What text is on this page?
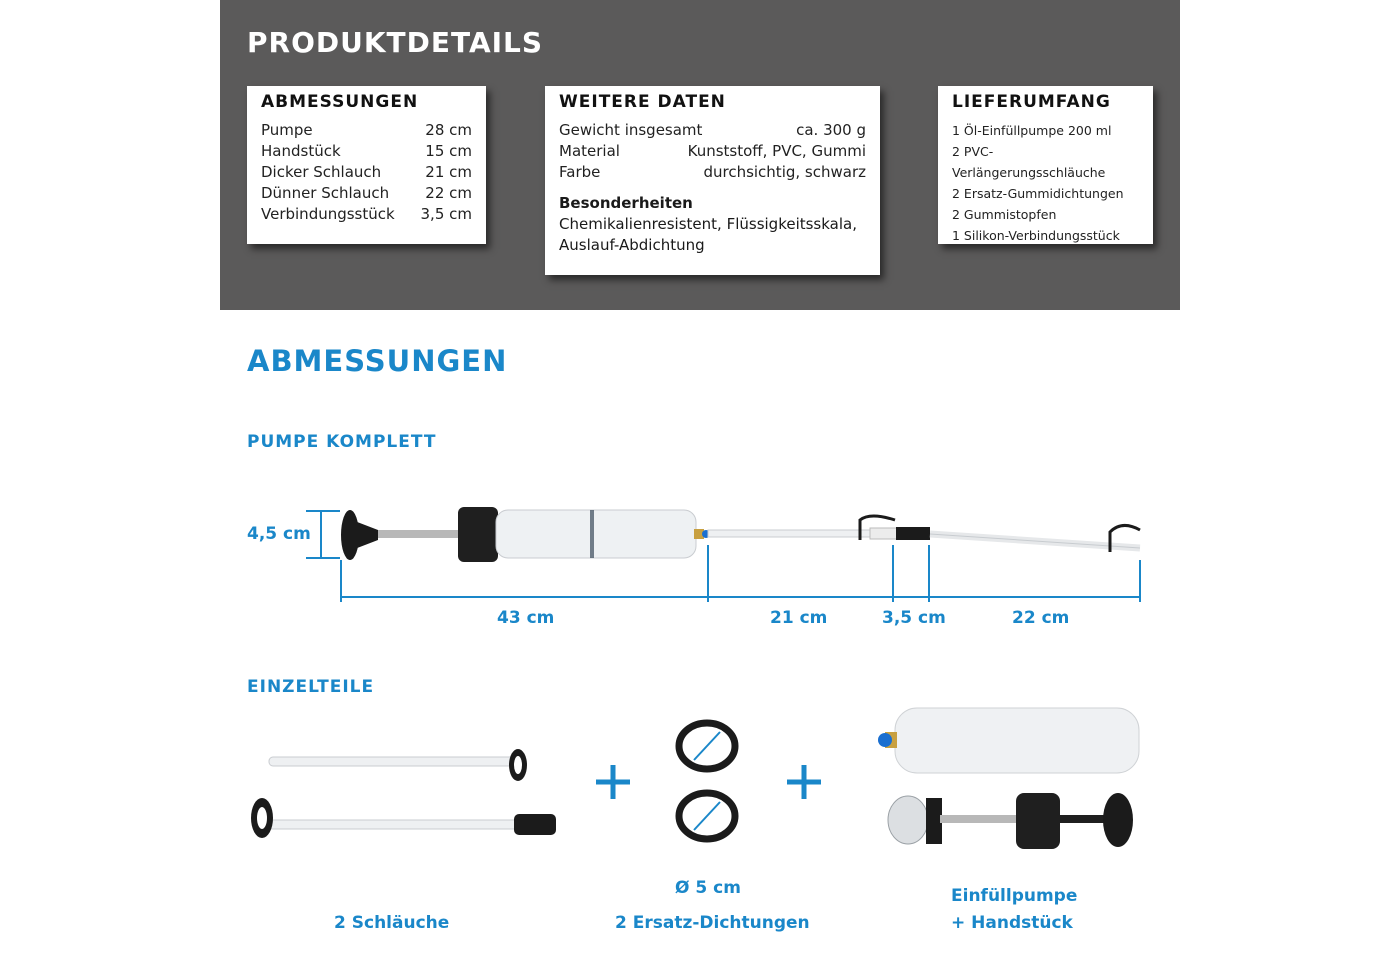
PRODUKTDETAILS
ABMESSUNGEN
Pumpe	28 cm
Handstück	15 cm
Dicker Schlauch	21 cm
Dünner Schlauch 22 cm
Verbindungsstück 3,5 cm
WEITERE DATEN
Gewicht insgesamt	ca. 300 g
Material	Kunststoff, PVC, Gummi
Farbe	durchsichtig, schwarz
Besonderheiten
Chemikalienresistent, Flüssigkeitsskala,
Auslauf-Abdichtung
LIEFERUMFANG
1 Öl-Einfüllpumpe 200 ml
2 PVC-Verlängerungsschläuche
2 Ersatz-Gummidichtungen
2 Gummistopfen
1 Silikon-Verbindungsstück
ABMESSUNGEN
PUMPE KOMPLETT
4,5 cm
43 cm	21 cm	3,5 cm	22 cm
EINZELTEILE
2 Schläuche
Ø 5 cm
2 Ersatz-Dichtungen
Einfüllpumpe
+ Handstück
